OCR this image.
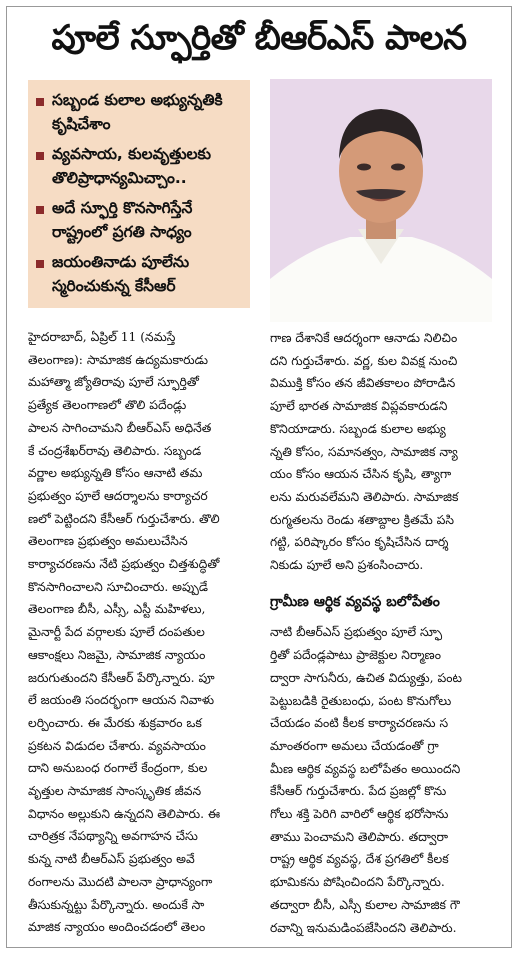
పూలే స్ఫూర్తితో బీఆర్ఎస్ పాలన
సబ్బండ కులాల అభ్యున్నతికి కృషిచేశాం
వ్యవసాయ, కులవృత్తులకు తొలిప్రాధాన్యమిచ్చాం..
అదే స్ఫూర్తి కొనసాగిస్తేనే రాష్ట్రంలో ప్రగతి సాధ్యం
జయంతినాడు పూలేను స్మరించుకున్న కేసీఆర్
హైదరాబాద్, ఏప్రిల్ 11 (నమస్తే
తెలంగాణ): సామాజిక ఉద్యమకారుడు
మహాత్మా జ్యోతిరావు పూలే స్ఫూర్తితో
ప్రత్యేక తెలంగాణలో తొలి పదేండ్లు
పాలన సాగించామని బీఆర్ఎస్ అధినేత
కే చంద్రశేఖర్‌రావు తెలిపారు. సబ్బండ
వర్ణాల అభ్యున్నతి కోసం ఆనాటి తమ
ప్రభుత్వం పూలే ఆదర్శాలను కార్యాచర
ణలో పెట్టిందని కేసీఆర్ గుర్తుచేశారు. తొలి
తెలంగాణ ప్రభుత్వం అమలుచేసిన
కార్యాచరణను నేటి ప్రభుత్వం చిత్తశుద్ధితో
కొనసాగించాలని సూచించారు. అప్పుడే
తెలంగాణ బీసీ, ఎస్సీ, ఎస్టీ మహిళలు,
మైనార్టీ పేద వర్గాలకు పూలే దంపతుల
ఆకాంక్షలు నిజమై, సామాజిక న్యాయం
జరుగుతుందని కేసీఆర్ పేర్కొన్నారు. పూ
లే జయంతి సందర్భంగా ఆయన నివాళు
లర్పించారు. ఈ మేరకు శుక్రవారం ఒక
ప్రకటన విడుదల చేశారు. వ్యవసాయం
దాని అనుబంధ రంగాలే కేంద్రంగా, కుల
వృత్తుల సామాజిక సాంస్కృతిక జీవన
విధానం అల్లుకుని ఉన్నదని తెలిపారు. ఈ
చారిత్రక నేపథ్యాన్ని అవగాహన చేసు
కున్న నాటి బీఆర్ఎస్ ప్రభుత్వం అవే
రంగాలను మొదటి పాలనా ప్రాధాన్యంగా
తీసుకున్నట్టు పేర్కొన్నారు. అందుకే సా
మాజిక న్యాయం అందించడంలో తెలం
గాణ దేశానికే ఆదర్శంగా ఆనాడు నిలిచిం
దని గుర్తుచేశారు. వర్ణ, కుల వివక్ష నుంచి
విముక్తి కోసం తన జీవితకాలం పోరాడిన
పూలే భారత సామాజిక విప్లవకారుడని
కొనియాడారు. సబ్బండ కులాల అభ్యు
న్నతి కోసం, సమానత్వం, సామాజిక న్యా
యం కోసం ఆయన చేసిన కృషి, త్యాగా
లను మరువలేమని తెలిపారు. సామాజిక
రుగ్మతలను రెండు శతాబ్దాల క్రితమే పసి
గట్టి, పరిష్కారం కోసం కృషిచేసిన దార్శ
నికుడు పూలే అని ప్రశంసించారు.
గ్రామీణ ఆర్థిక వ్యవస్థ బలోపేతం
నాటి బీఆర్ఎస్ ప్రభుత్వం పూలే స్ఫూ
ర్తితో పదేండ్లపాటు ప్రాజెక్టుల నిర్మాణం
ద్వారా సాగునీరు, ఉచిత విద్యుత్తు, పంట
పెట్టుబడికి రైతుబంధు, పంట కొనుగోలు
చేయడం వంటి కీలక కార్యాచరణను స
మాంతరంగా అమలు చేయడంతో గ్రా
మీణ ఆర్థిక వ్యవస్థ బలోపేతం అయిందని
కేసీఆర్ గుర్తుచేశారు. పేద ప్రజల్లో కొను
గోలు శక్తి పెరిగి వారిలో ఆర్థిక భరోసాను
తాము పెంచామని తెలిపారు. తద్వారా
రాష్ట్ర ఆర్థిక వ్యవస్థ, దేశ ప్రగతిలో కీలక
భూమికను పోషించిందని పేర్కొన్నారు.
తద్వారా బీసీ, ఎస్సీ కులాల సామాజిక గౌ
రవాన్ని ఇనుమడింపజేసిందని తెలిపారు.
